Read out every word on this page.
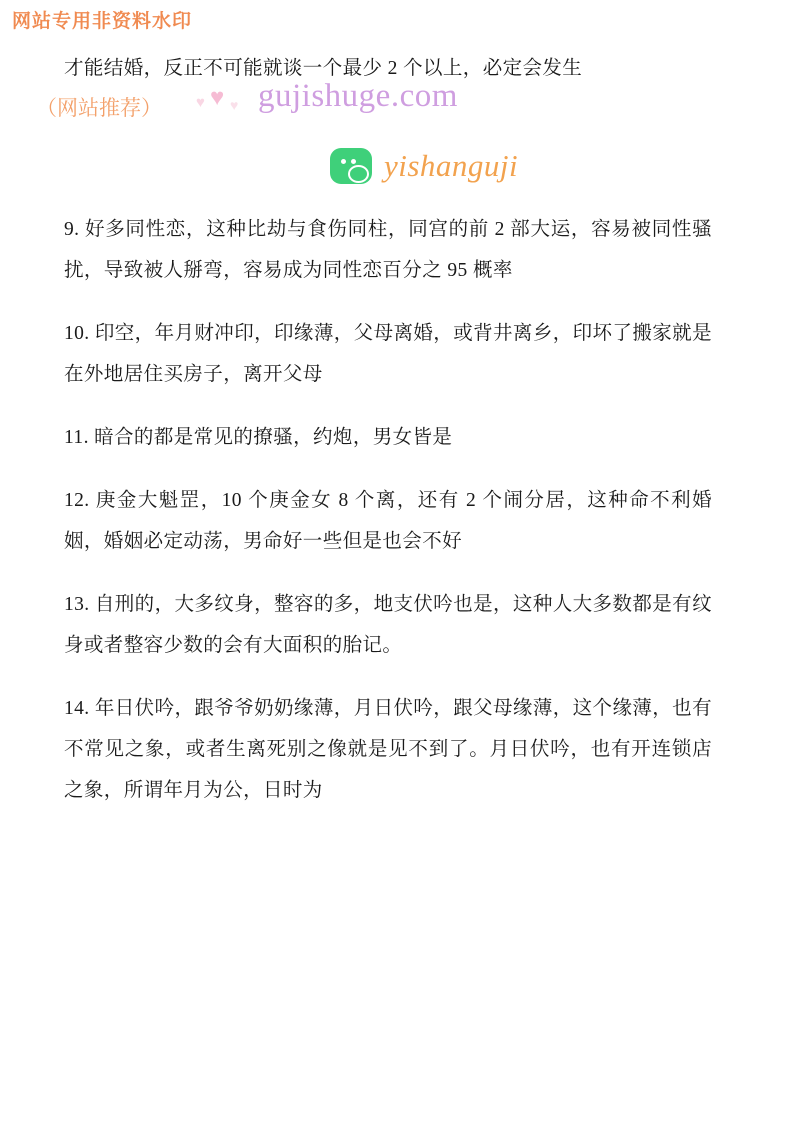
网站专用非资料水印
（网站推荐） ♥ ♥ ♥ gujishuge.com
yishanguji

才能结婚，反正不可能就谈一个最少 2 个以上，必定会发生

9. 好多同性恋，这种比劫与食伤同柱，同宫的前 2 部大运，容易被同性骚扰，导致被人掰弯，容易成为同性恋百分之 95 概率

10. 印空，年月财冲印，印缘薄，父母离婚，或背井离乡，印坏了搬家就是在外地居住买房子，离开父母

11. 暗合的都是常见的撩骚，约炮，男女皆是

12. 庚金大魁罡，10 个庚金女 8 个离，还有 2 个闹分居，这种命不利婚姻，婚姻必定动荡，男命好一些但是也会不好

13. 自刑的，大多纹身，整容的多，地支伏吟也是，这种人大多数都是有纹身或者整容少数的会有大面积的胎记。

14. 年日伏吟，跟爷爷奶奶缘薄，月日伏吟，跟父母缘薄，这个缘薄，也有不常见之象，或者生离死别之像就是见不到了。月日伏吟，也有开连锁店之象，所谓年月为公，日时为
